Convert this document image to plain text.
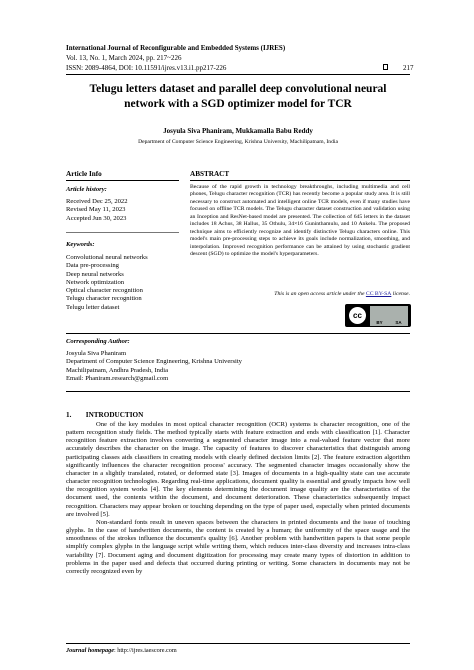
International Journal of Reconfigurable and Embedded Systems (IJRES)
Vol. 13, No. 1, March 2024, pp. 217~226
ISSN: 2089-4864, DOI: 10.11591/ijres.v13.i1.pp217-226	217
Telugu letters dataset and parallel deep convolutional neural
network with a SGD optimizer model for TCR
Josyula Siva Phaniram, Mukkamalla Babu Reddy
Department of Computer Science Engineering, Krishna University, Machilipatnam, India
Article Info
Article history:
Received Dec 25, 2022
Revised May 11, 2023
Accepted Jun 30, 2023
Keywords:
Convolutional neural networks
Data pre-processing
Deep neural networks
Network optimization
Optical character recognition
Telugu character recognition
Telugu letter dataset
ABSTRACT
Because of the rapid growth in technology breakthroughs, including multimedia and cell phones, Telugu character recognition (TCR) has recently become a popular study area. It is still necessary to construct automated and intelligent online TCR models, even if many studies have focused on offline TCR models. The Telugu character dataset construction and validation using an Inception and ResNet-based model are presented. The collection of 645 letters in the dataset includes 18 Achus, 38 Hallus, 35 Othulu, 34×16 Guninthamulu, and 10 Ankelu. The proposed technique aims to efficiently recognize and identify distinctive Telugu characters online. This model's main pre-processing steps to achieve its goals include normalization, smoothing, and interpolation. Improved recognition performance can be attained by using stochastic gradient descent (SGD) to optimize the model's hyperparameters.
This is an open access article under the CC BY-SA license.
cc
BY	SA
Corresponding Author:
Josyula Siva Phaniram
Department of Computer Science Engineering, Krishna University
Machilipatnam, Andhra Pradesh, India
Email: Phaniram.research@gmail.com
1.        INTRODUCTION

One of the key modules in most optical character recognition (OCR) systems is character recognition, one of the pattern recognition study fields. The method typically starts with feature extraction and ends with classification [1]. Character recognition feature extraction involves converting a segmented character image into a real-valued feature vector that more accurately describes the character on the image. The capacity of features to discover characteristics that distinguish among participating classes aids classifiers in creating models with clearly defined decision limits [2]. The feature extraction algorithm significantly influences the character recognition process' accuracy. The segmented character images occasionally show the character in a slightly translated, rotated, or deformed state [3]. Images of documents in a high-quality state can use accurate character recognition technologies. Regarding real-time applications, document quality is essential and greatly impacts how well the recognition system works [4]. The key elements determining the document image quality are the characteristics of the document used, the contents within the document, and document deterioration. These characteristics subsequently impact recognition. Characters may appear broken or touching depending on the type of paper used, especially when printed documents are involved [5].

Non-standard fonts result in uneven spaces between the characters in printed documents and the issue of touching glyphs. In the case of handwritten documents, the content is created by a human; the uniformity of the space usage and the smoothness of the strokes influence the document's quality [6]. Another problem with handwritten papers is that some people simplify complex glyphs in the language script while writing them, which reduces inter-class diversity and increases intra-class variability [7]. Document aging and document digitization for processing may create many types of distortion in addition to problems in the paper used and defects that occurred during printing or writing. Some characters in documents may not be correctly recognized even by

Journal homepage: http://ijres.iaescore.com
